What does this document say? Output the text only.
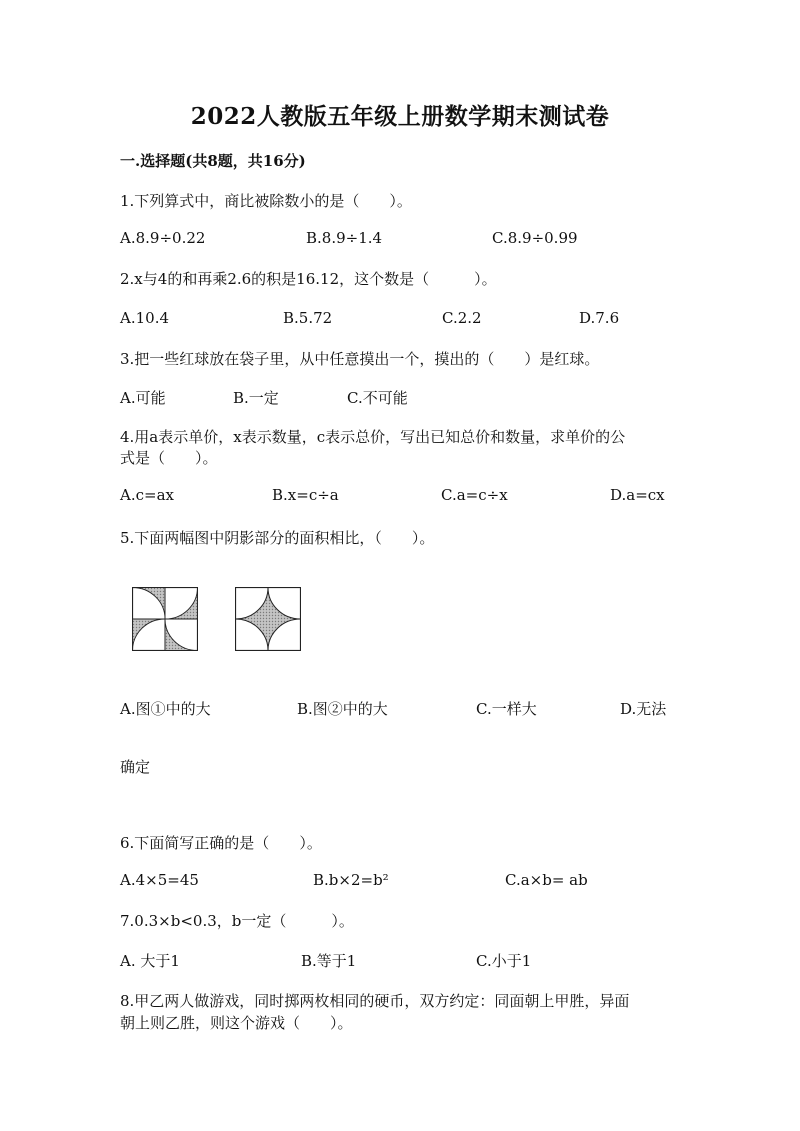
2022人教版五年级上册数学期末测试卷
一.选择题(共8题，共16分)
1.下列算式中，商比被除数小的是（　　）。
A.8.9÷0.22	B.8.9÷1.4	C.8.9÷0.99
2.x与4的和再乘2.6的积是16.12，这个数是（　　　）。
A.10.4	B.5.72	C.2.2	D.7.6
3.把一些红球放在袋子里，从中任意摸出一个，摸出的（　　）是红球。
A.可能	B.一定	C.不可能
4.用a表示单价，x表示数量，c表示总价，写出已知总价和数量，求单价的公
式是（　　）。
A.c=ax	B.x=c÷a	C.a=c÷x	D.a=cx
5.下面两幅图中阴影部分的面积相比，（　　）。
A.图①中的大	B.图②中的大	C.一样大	D.无法
确定
6.下面简写正确的是（　　）。
A.4×5=45	B.b×2=b²	C.a×b= ab
7.0.3×b<0.3，b一定（　　　）。
A. 大于1	B.等于1	C.小于1
8.甲乙两人做游戏，同时掷两枚相同的硬币，双方约定：同面朝上甲胜，异面
朝上则乙胜，则这个游戏（　　）。
